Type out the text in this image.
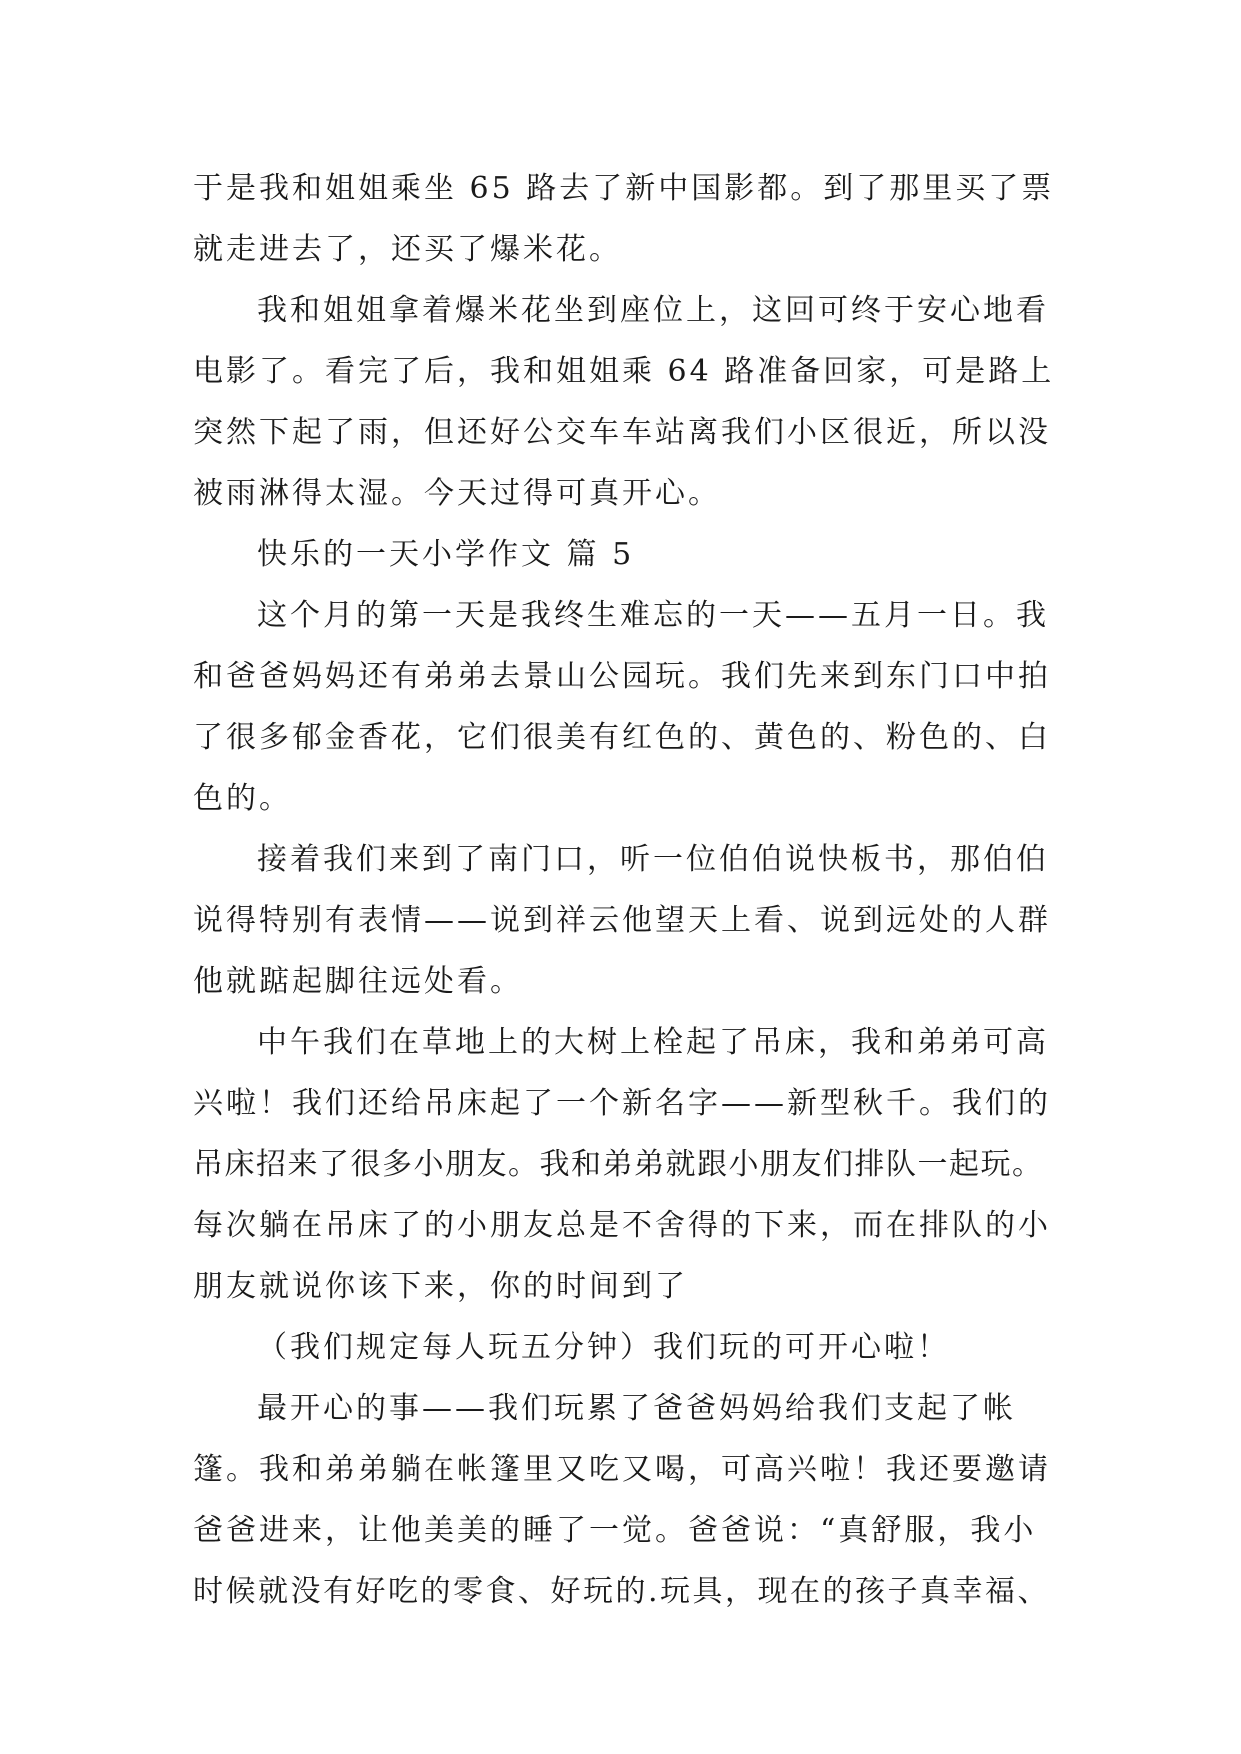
于是我和姐姐乘坐 65 路去了新中国影都。到了那里买了票
就走进去了，还买了爆米花。
我和姐姐拿着爆米花坐到座位上，这回可终于安心地看
电影了。看完了后，我和姐姐乘 64 路准备回家，可是路上
突然下起了雨，但还好公交车车站离我们小区很近，所以没
被雨淋得太湿。今天过得可真开心。
快乐的一天小学作文 篇 5
这个月的第一天是我终生难忘的一天——五月一日。我
和爸爸妈妈还有弟弟去景山公园玩。我们先来到东门口中拍
了很多郁金香花，它们很美有红色的、黄色的、粉色的、白
色的。
接着我们来到了南门口，听一位伯伯说快板书，那伯伯
说得特别有表情——说到祥云他望天上看、说到远处的人群
他就踮起脚往远处看。
中午我们在草地上的大树上栓起了吊床，我和弟弟可高
兴啦！我们还给吊床起了一个新名字——新型秋千。我们的
吊床招来了很多小朋友。我和弟弟就跟小朋友们排队一起玩。
每次躺在吊床了的小朋友总是不舍得的下来，而在排队的小
朋友就说你该下来，你的时间到了
（我们规定每人玩五分钟）我们玩的可开心啦！
最开心的事——我们玩累了爸爸妈妈给我们支起了帐
篷。我和弟弟躺在帐篷里又吃又喝，可高兴啦！我还要邀请
爸爸进来，让他美美的睡了一觉。爸爸说：“真舒服，我小
时候就没有好吃的零食、好玩的.玩具，现在的孩子真幸福、
